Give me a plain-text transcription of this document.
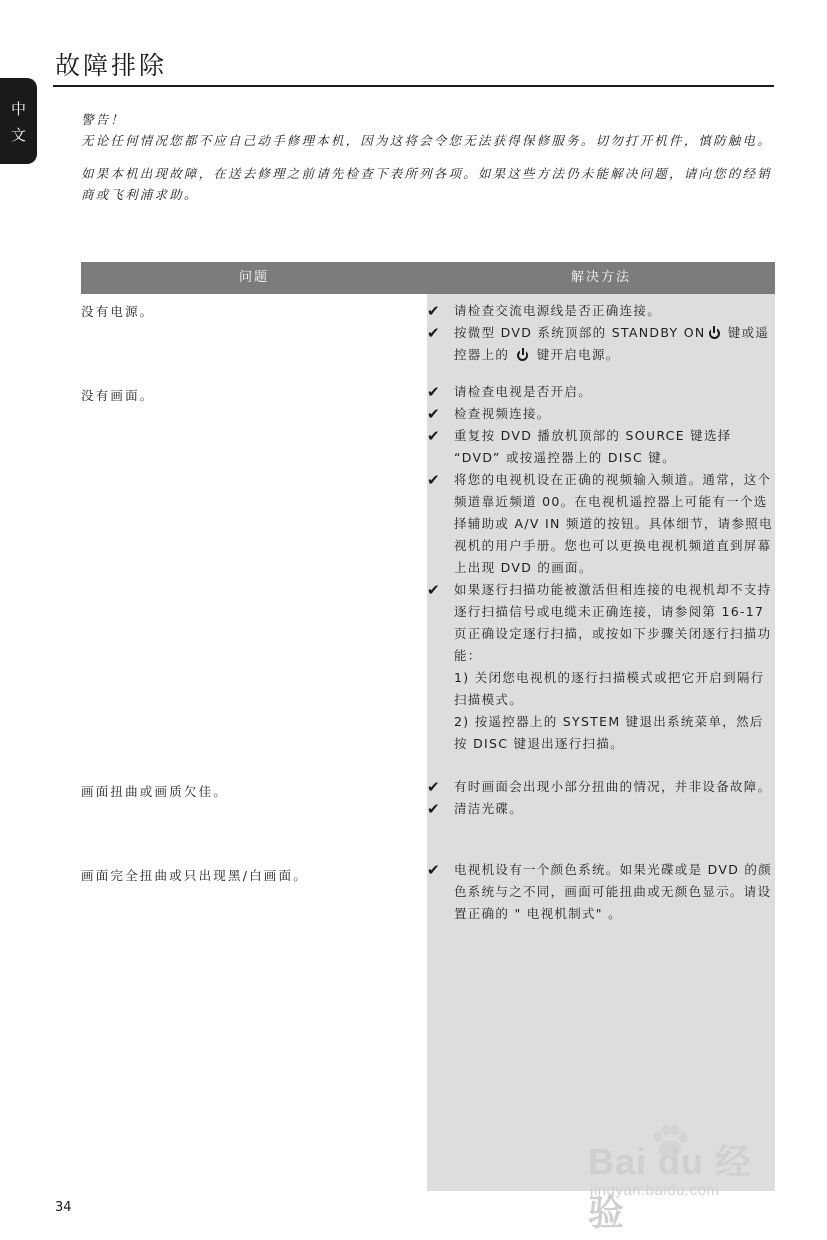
故障排除
中
文

警告！

无论任何情况您都不应自己动手修理本机，因为这将会令您无法获得保修服务。切勿打开机件，慎防触电。

如果本机出现故障，在送去修理之前请先检查下表所列各项。如果这些方法仍未能解决问题，请向您的经销商或飞利浦求助。

问题	解决方法
没有电源。	✔ 请检查交流电源线是否正确连接。
✔ 按微型 DVD 系统顶部的 STANDBY ON 键或遥控器上的  键开启电源。
没有画面。	✔ 请检查电视是否开启。
✔ 检查视频连接。
✔ 重复按 DVD 播放机顶部的 SOURCE 键选择 “DVD” 或按遥控器上的 DISC 键。
✔ 将您的电视机设在正确的视频输入频道。通常，这个频道靠近频道 00。在电视机遥控器上可能有一个选择辅助或 A/V IN 频道的按钮。具体细节，请参照电视机的用户手册。您也可以更换电视机频道直到屏幕上出现 DVD 的画面。
✔ 如果逐行扫描功能被激活但相连接的电视机却不支持逐行扫描信号或电缆未正确连接，请参阅第 16-17 页正确设定逐行扫描，或按如下步骤关闭逐行扫描功能：
1) 关闭您电视机的逐行扫描模式或把它开启到隔行扫描模式。
2) 按遥控器上的 SYSTEM 键退出系统菜单，然后按 DISC 键退出逐行扫描。
画面扭曲或画质欠佳。	✔ 有时画面会出现小部分扭曲的情况，并非设备故障。
✔ 清洁光碟。
画面完全扭曲或只出现黑/白画面。	✔ 电视机设有一个颜色系统。如果光碟或是 DVD 的颜色系统与之不同，画面可能扭曲或无颜色显示。请设置正确的 " 电视机制式" 。
34
Bai du 经验
jingyan.baidu.com
